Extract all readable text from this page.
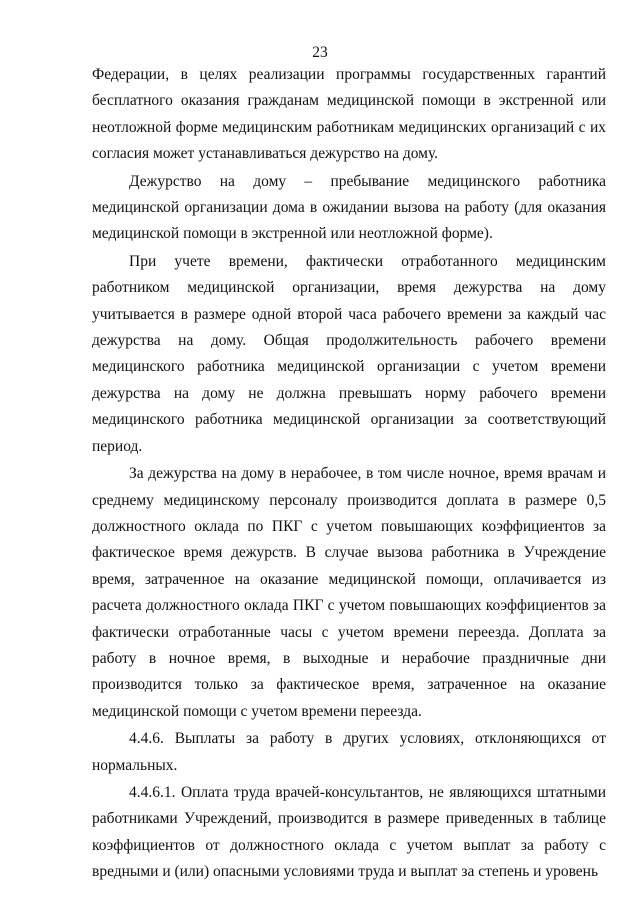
23

Федерации, в целях реализации программы государственных гарантий бесплатного оказания гражданам медицинской помощи в экстренной или неотложной форме медицинским работникам медицинских организаций с их согласия может устанавливаться дежурство на дому.

Дежурство на дому – пребывание медицинского работника медицинской организации дома в ожидании вызова на работу (для оказания медицинской помощи в экстренной или неотложной форме).

При учете времени, фактически отработанного медицинским работником медицинской организации, время дежурства на дому учитывается в размере одной второй часа рабочего времени за каждый час дежурства на дому. Общая продолжительность рабочего времени медицинского работника медицинской организации с учетом времени дежурства на дому не должна превышать норму рабочего времени медицинского работника медицинской организации за соответствующий период.

За дежурства на дому в нерабочее, в том числе ночное, время врачам и среднему медицинскому персоналу производится доплата в размере 0,5 должностного оклада по ПКГ с учетом повышающих коэффициентов за фактическое время дежурств. В случае вызова работника в Учреждение время, затраченное на оказание медицинской помощи, оплачивается из расчета должностного оклада ПКГ с учетом повышающих коэффициентов за фактически отработанные часы с учетом времени переезда. Доплата за работу в ночное время, в выходные и нерабочие праздничные дни производится только за фактическое время, затраченное на оказание медицинской помощи с учетом времени переезда.

4.4.6. Выплаты за работу в других условиях, отклоняющихся от нормальных.

4.4.6.1. Оплата труда врачей-консультантов, не являющихся штатными работниками Учреждений, производится в размере приведенных в таблице коэффициентов от должностного оклада с учетом выплат за работу с вредными и (или) опасными условиями труда и выплат за степень и уровень
